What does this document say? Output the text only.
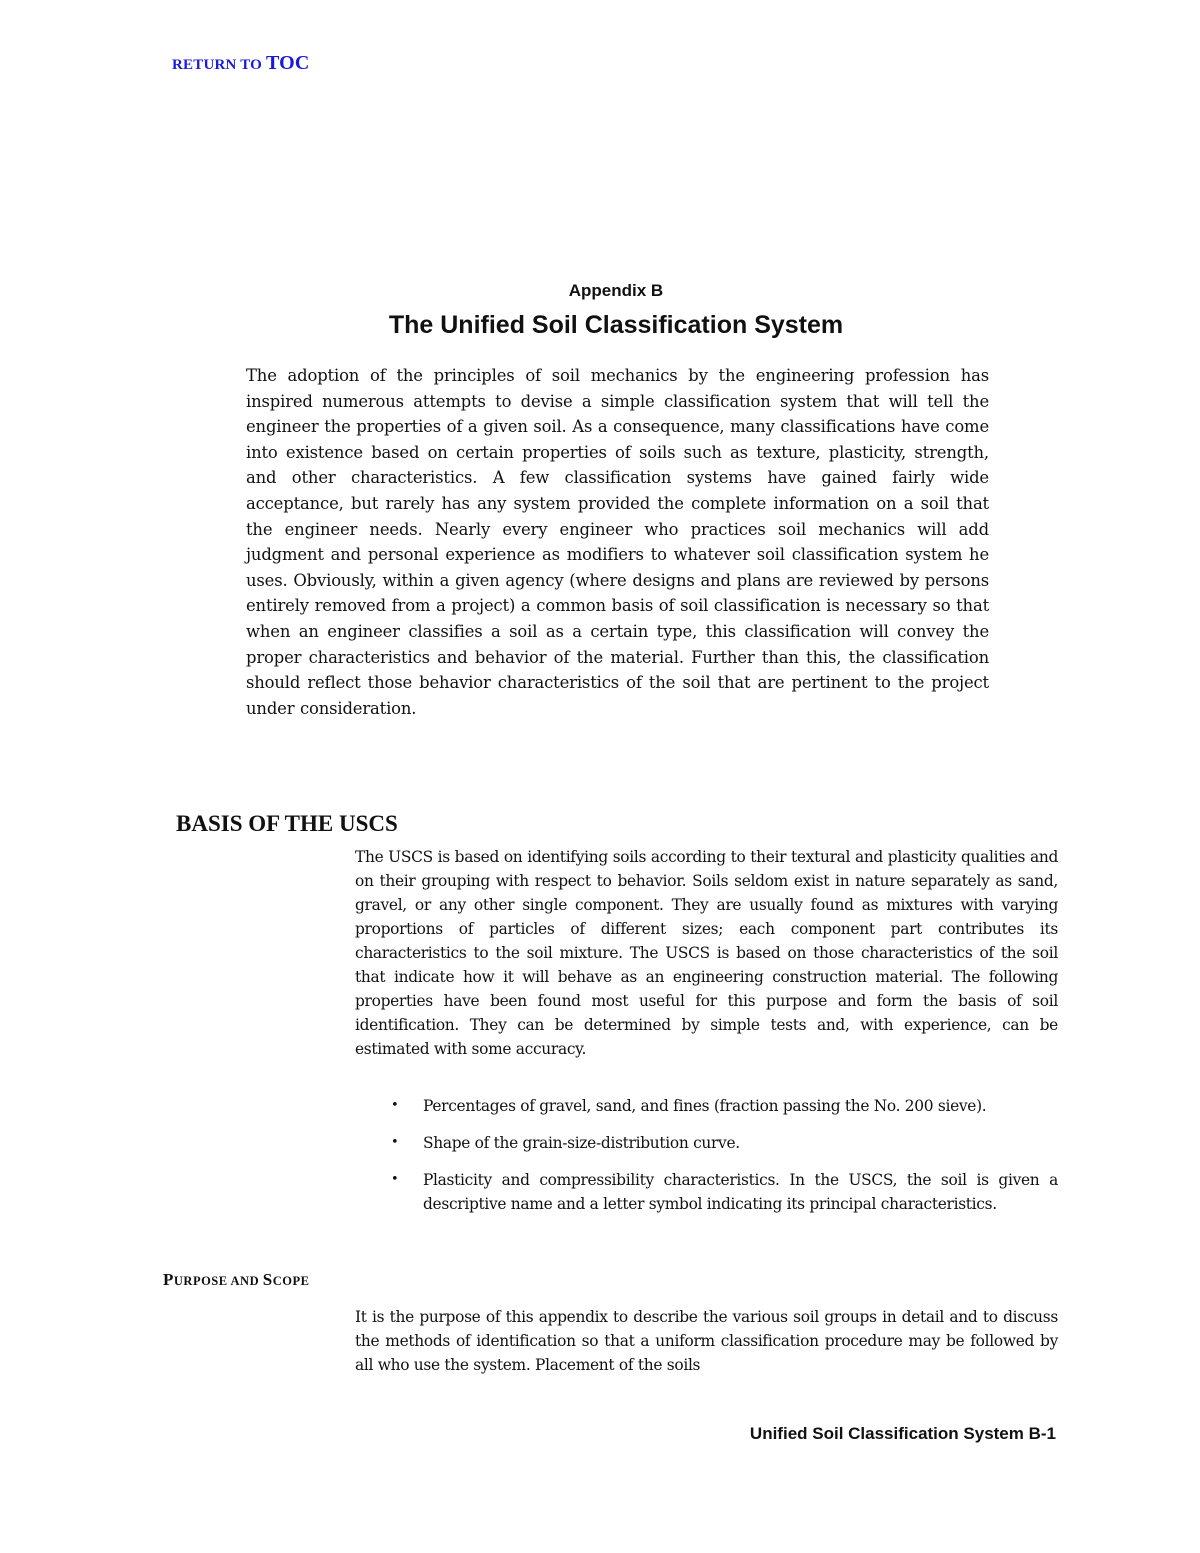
RETURN TO TOC
Appendix B
The Unified Soil Classification System

The adoption of the principles of soil mechanics by the engineering profession has inspired numerous attempts to devise a simple classification system that will tell the engineer the properties of a given soil. As a consequence, many classifications have come into existence based on certain properties of soils such as texture, plasticity, strength, and other characteristics. A few classification systems have gained fairly wide acceptance, but rarely has any system provided the complete information on a soil that the engineer needs. Nearly every engineer who practices soil mechanics will add judgment and personal experience as modifiers to whatever soil classification system he uses. Obviously, within a given agency (where designs and plans are reviewed by persons entirely removed from a project) a common basis of soil classification is necessary so that when an engineer classifies a soil as a certain type, this classification will convey the proper characteristics and behavior of the material. Further than this, the classification should reflect those behavior characteristics of the soil that are pertinent to the project under consideration.

BASIS OF THE USCS

The USCS is based on identifying soils according to their textural and plasticity qualities and on their grouping with respect to behavior. Soils seldom exist in nature separately as sand, gravel, or any other single component. They are usually found as mixtures with varying proportions of particles of different sizes; each component part contributes its characteristics to the soil mixture. The USCS is based on those characteristics of the soil that indicate how it will behave as an engineering construction material. The following properties have been found most useful for this purpose and form the basis of soil identification. They can be determined by simple tests and, with experience, can be estimated with some accuracy.

• Percentages of gravel, sand, and fines (fraction passing the No. 200 sieve).
• Shape of the grain-size-distribution curve.
• Plasticity and compressibility characteristics. In the USCS, the soil is given a descriptive name and a letter symbol indicating its principal characteristics.
PURPOSE AND SCOPE

It is the purpose of this appendix to describe the various soil groups in detail and to discuss the methods of identification so that a uniform classification procedure may be followed by all who use the system. Placement of the soils

Unified Soil Classification System B-1
